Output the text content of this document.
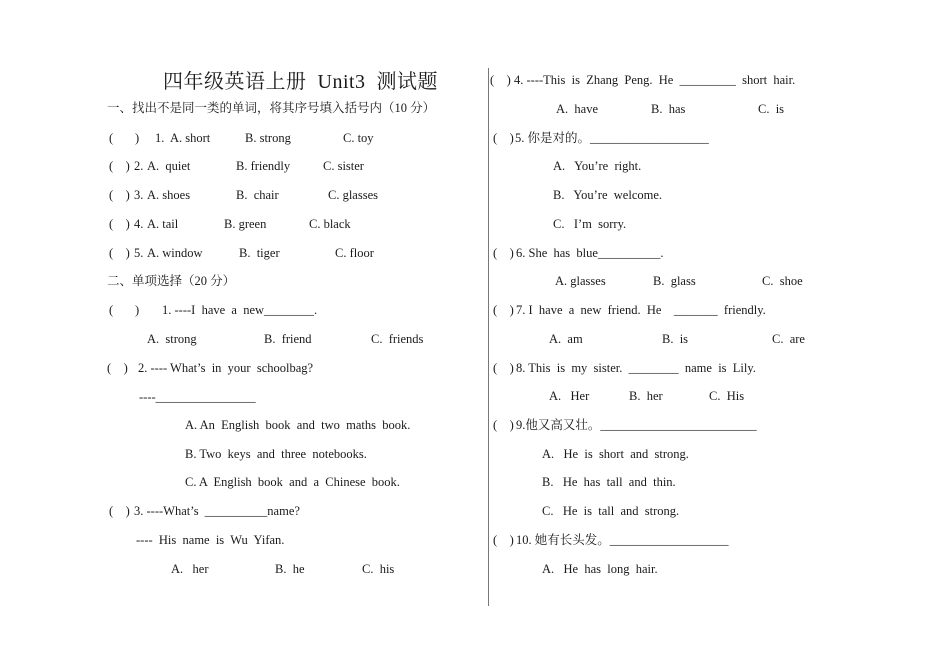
四年级英语上册  Unit3  测试题
一、找出不是同一类的单词，将其序号填入括号内（10 分）
(       ) 1. A. short	B. strong	C. toy
(    ) 2. A.  quiet	B. friendly	C. sister
(    ) 3. A. shoes	B.  chair	C. glasses
(    ) 4. A. tail	B. green	C. black
(    ) 5. A. window	B.  tiger	C. floor
二、单项选择（20 分）
(       ) 1. ----I  have  a  new________.
A.  strong	B.  friend	C.  friends
(    ) 2. ---- What’s  in  your  schoolbag?
----________________
A. An  English  book  and  two  maths  book.
B. Two  keys  and  three  notebooks.
C. A  English  book  and  a  Chinese  book.
(    ) 3. ----What’s  __________name?
----  His  name  is  Wu  Yifan.
A.   her	B.  he	C.  his
(    ) 4. ----This  is  Zhang  Peng.  He  _________  short  hair.
A.  have	B.  has	C.  is
(    ) 5. 你是对的。___________________
A.   You’re  right.
B.   You’re  welcome.
C.   I’m  sorry.
(    ) 6. She  has  blue__________.
A. glasses	B.  glass	C.  shoe
(    ) 7. I  have  a  new  friend.  He    _______  friendly.
A.  am	B.  is	C.  are
(    ) 8. This  is  my  sister.  ________  name  is  Lily.
A.   Her	B.  her	C.  His
(    ) 9.他又高又壮。_________________________
A.   He  is  short  and  strong.
B.   He  has  tall  and  thin.
C.   He  is  tall  and  strong.
(    ) 10. 她有长头发。___________________
A.   He  has  long  hair.
